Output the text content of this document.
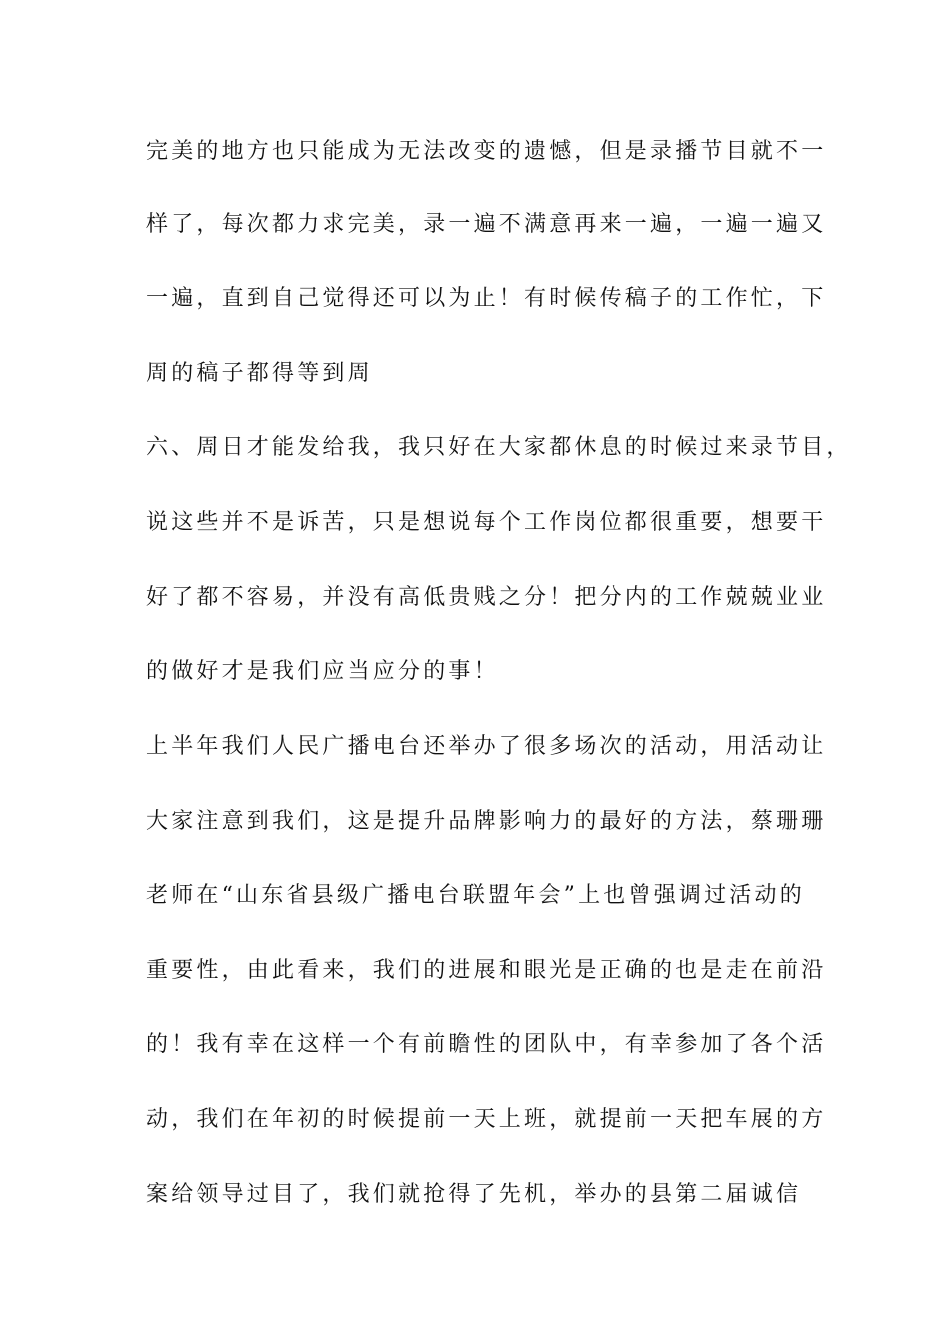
完美的地方也只能成为无法改变的遗憾，但是录播节目就不一
样了，每次都力求完美，录一遍不满意再来一遍，一遍一遍又
一遍，直到自己觉得还可以为止！有时候传稿子的工作忙，下
周的稿子都得等到周
六、周日才能发给我，我只好在大家都休息的时候过来录节目，
说这些并不是诉苦，只是想说每个工作岗位都很重要，想要干
好了都不容易，并没有高低贵贱之分！把分内的工作兢兢业业
的做好才是我们应当应分的事！
上半年我们人民广播电台还举办了很多场次的活动，用活动让
大家注意到我们，这是提升品牌影响力的最好的方法，蔡珊珊
老师在“山东省县级广播电台联盟年会”上也曾强调过活动的
重要性，由此看来，我们的进展和眼光是正确的也是走在前沿
的！我有幸在这样一个有前瞻性的团队中，有幸参加了各个活
动，我们在年初的时候提前一天上班，就提前一天把车展的方
案给领导过目了，我们就抢得了先机，举办的县第二届诚信
